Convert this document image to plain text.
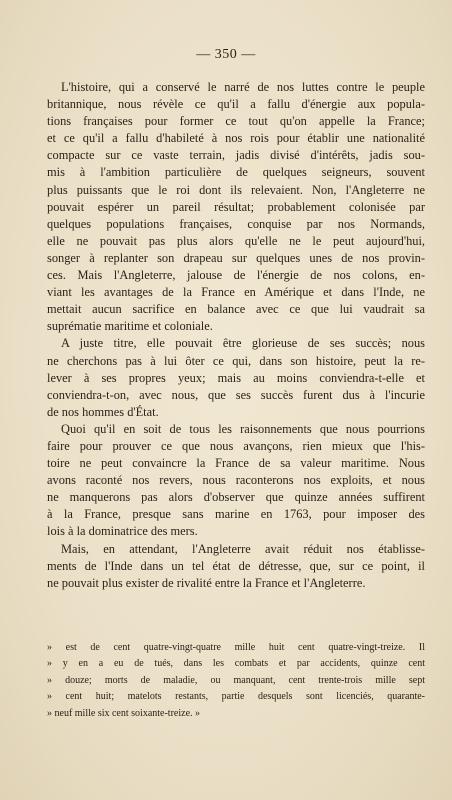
— 350 —
L'histoire, qui a conservé le narré de nos luttes contre le peuple
britannique, nous révèle ce qu'il a fallu d'énergie aux popula-
tions françaises pour former ce tout qu'on appelle la France;
et ce qu'il a fallu d'habileté à nos rois pour établir une nationalité
compacte sur ce vaste terrain, jadis divisé d'intérêts, jadis sou-
mis à l'ambition particulière de quelques seigneurs, souvent
plus puissants que le roi dont ils relevaient. Non, l'Angleterre ne
pouvait espérer un pareil résultat; probablement colonisée par
quelques populations françaises, conquise par nos Normands,
elle ne pouvait pas plus alors qu'elle ne le peut aujourd'hui,
songer à replanter son drapeau sur quelques unes de nos provin-
ces. Mais l'Angleterre, jalouse de l'énergie de nos colons, en-
viant les avantages de la France en Amérique et dans l'Inde, ne
mettait aucun sacrifice en balance avec ce que lui vaudrait sa
suprématie maritime et coloniale.
A juste titre, elle pouvait être glorieuse de ses succès; nous
ne cherchons pas à lui ôter ce qui, dans son histoire, peut la re-
lever à ses propres yeux; mais au moins conviendra-t-elle et
conviendra-t-on, avec nous, que ses succès furent dus à l'incurie
de nos hommes d'État.
Quoi qu'il en soit de tous les raisonnements que nous pourrions
faire pour prouver ce que nous avançons, rien mieux que l'his-
toire ne peut convaincre la France de sa valeur maritime. Nous
avons raconté nos revers, nous raconterons nos exploits, et nous
ne manquerons pas alors d'observer que quinze années suffirent
à la France, presque sans marine en 1763, pour imposer des
lois à la dominatrice des mers.
Mais, en attendant, l'Angleterre avait réduit nos établisse-
ments de l'Inde dans un tel état de détresse, que, sur ce point, il
ne pouvait plus exister de rivalité entre la France et l'Angleterre.
» est de cent quatre-vingt-quatre mille huit cent quatre-vingt-treize. Il
» y en a eu de tués, dans les combats et par accidents, quinze cent
» douze; morts de maladie, ou manquant, cent trente-trois mille sept
» cent huit; matelots restants, partie desquels sont licenciés, quarante-
» neuf mille six cent soixante-treize. »
